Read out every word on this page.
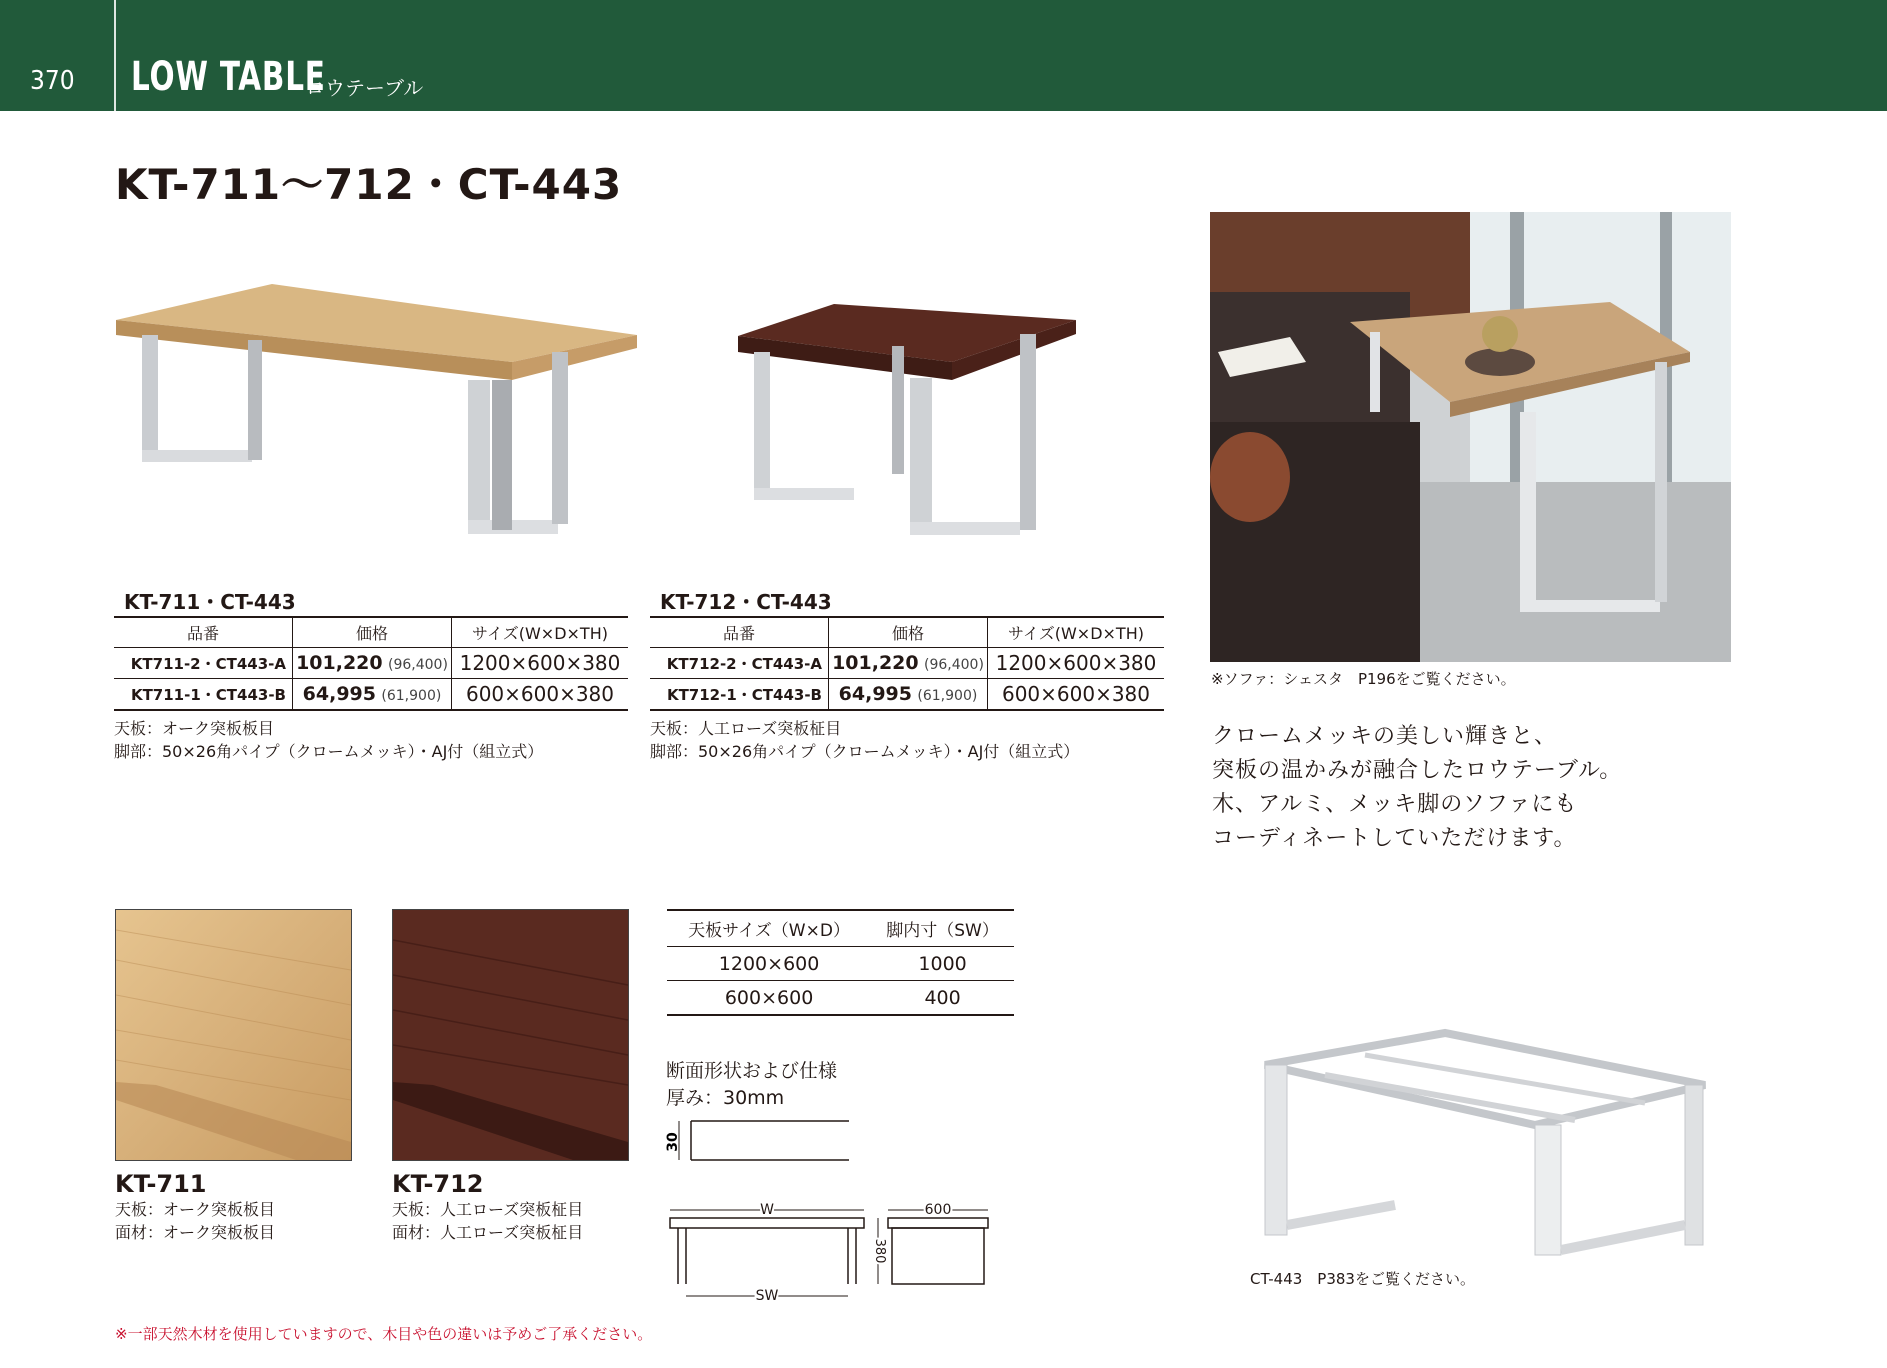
370 LOW TABLE
ロウテーブル
KT-711～712・CT-443
※ソファ：シェスタ　P196をご覧ください。
KT-711・CT-443
品番	価格	サイズ(W×D×TH)
KT711-2・CT443-A	101,220 (96,400)	1200×600×380
KT711-1・CT443-B	64,995 (61,900)	600×600×380
天板：オーク突板板目
脚部：50×26角パイプ（クロームメッキ）・AJ付（組立式）
KT-712・CT-443
品番	価格	サイズ(W×D×TH)
KT712-2・CT443-A	101,220 (96,400)	1200×600×380
KT712-1・CT443-B	64,995 (61,900)	600×600×380
天板：人工ローズ突板柾目
脚部：50×26角パイプ（クロームメッキ）・AJ付（組立式）
クロームメッキの美しい輝きと、
突板の温かみが融合したロウテーブル。
木、アルミ、メッキ脚のソファにも
コーディネートしていただけます。
KT-711
天板：オーク突板板目
面材：オーク突板板目
KT-712
天板：人工ローズ突板柾目
面材：人工ローズ突板柾目
天板サイズ（W×D）	脚内寸（SW）
1200×600	1000
600×600	400
断面形状および仕様
厚み：30mm
30
W
SW
600
380
CT-443　P383をご覧ください。
※一部天然木材を使用していますので、木目や色の違いは予めご了承ください。
